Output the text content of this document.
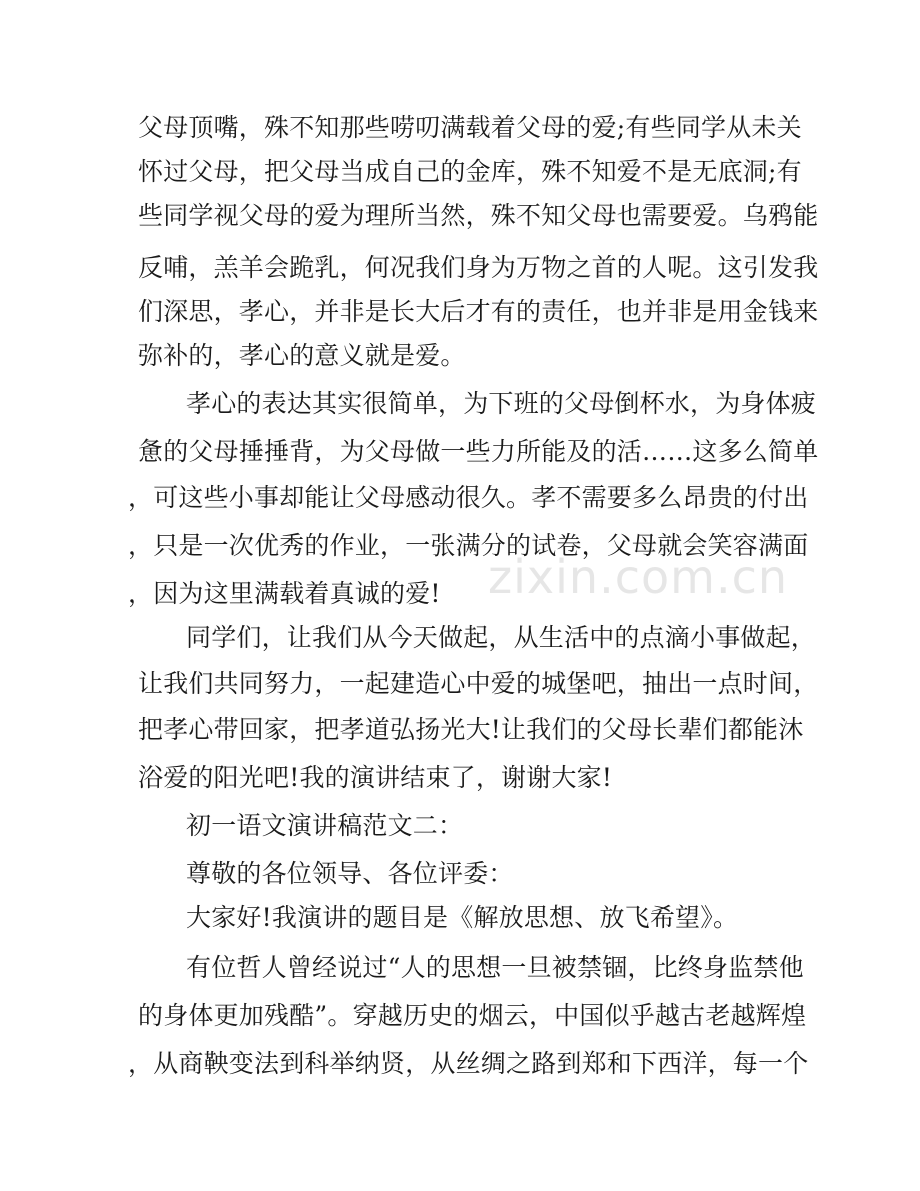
父母顶嘴，殊不知那些唠叨满载着父母的爱;有些同学从未关
怀过父母，把父母当成自己的金库，殊不知爱不是无底洞;有
些同学视父母的爱为理所当然，殊不知父母也需要爱。乌鸦能
反哺，羔羊会跪乳，何况我们身为万物之首的人呢。这引发我
们深思，孝心，并非是长大后才有的责任，也并非是用金钱来
弥补的，孝心的意义就是爱。
孝心的表达其实很简单，为下班的父母倒杯水，为身体疲
惫的父母捶捶背，为父母做一些力所能及的活……这多么简单
，可这些小事却能让父母感动很久。孝不需要多么昂贵的付出
，只是一次优秀的作业，一张满分的试卷，父母就会笑容满面
，因为这里满载着真诚的爱!
同学们，让我们从今天做起，从生活中的点滴小事做起，
让我们共同努力，一起建造心中爱的城堡吧，抽出一点时间，
把孝心带回家，把孝道弘扬光大!让我们的父母长辈们都能沐
浴爱的阳光吧!我的演讲结束了，谢谢大家!
初一语文演讲稿范文二：
尊敬的各位领导、各位评委：
大家好!我演讲的题目是《解放思想、放飞希望》。
有位哲人曾经说过“人的思想一旦被禁锢，比终身监禁他
的身体更加残酷”。穿越历史的烟云，中国似乎越古老越辉煌
，从商鞅变法到科举纳贤，从丝绸之路到郑和下西洋，每一个
zixin.com.cn
